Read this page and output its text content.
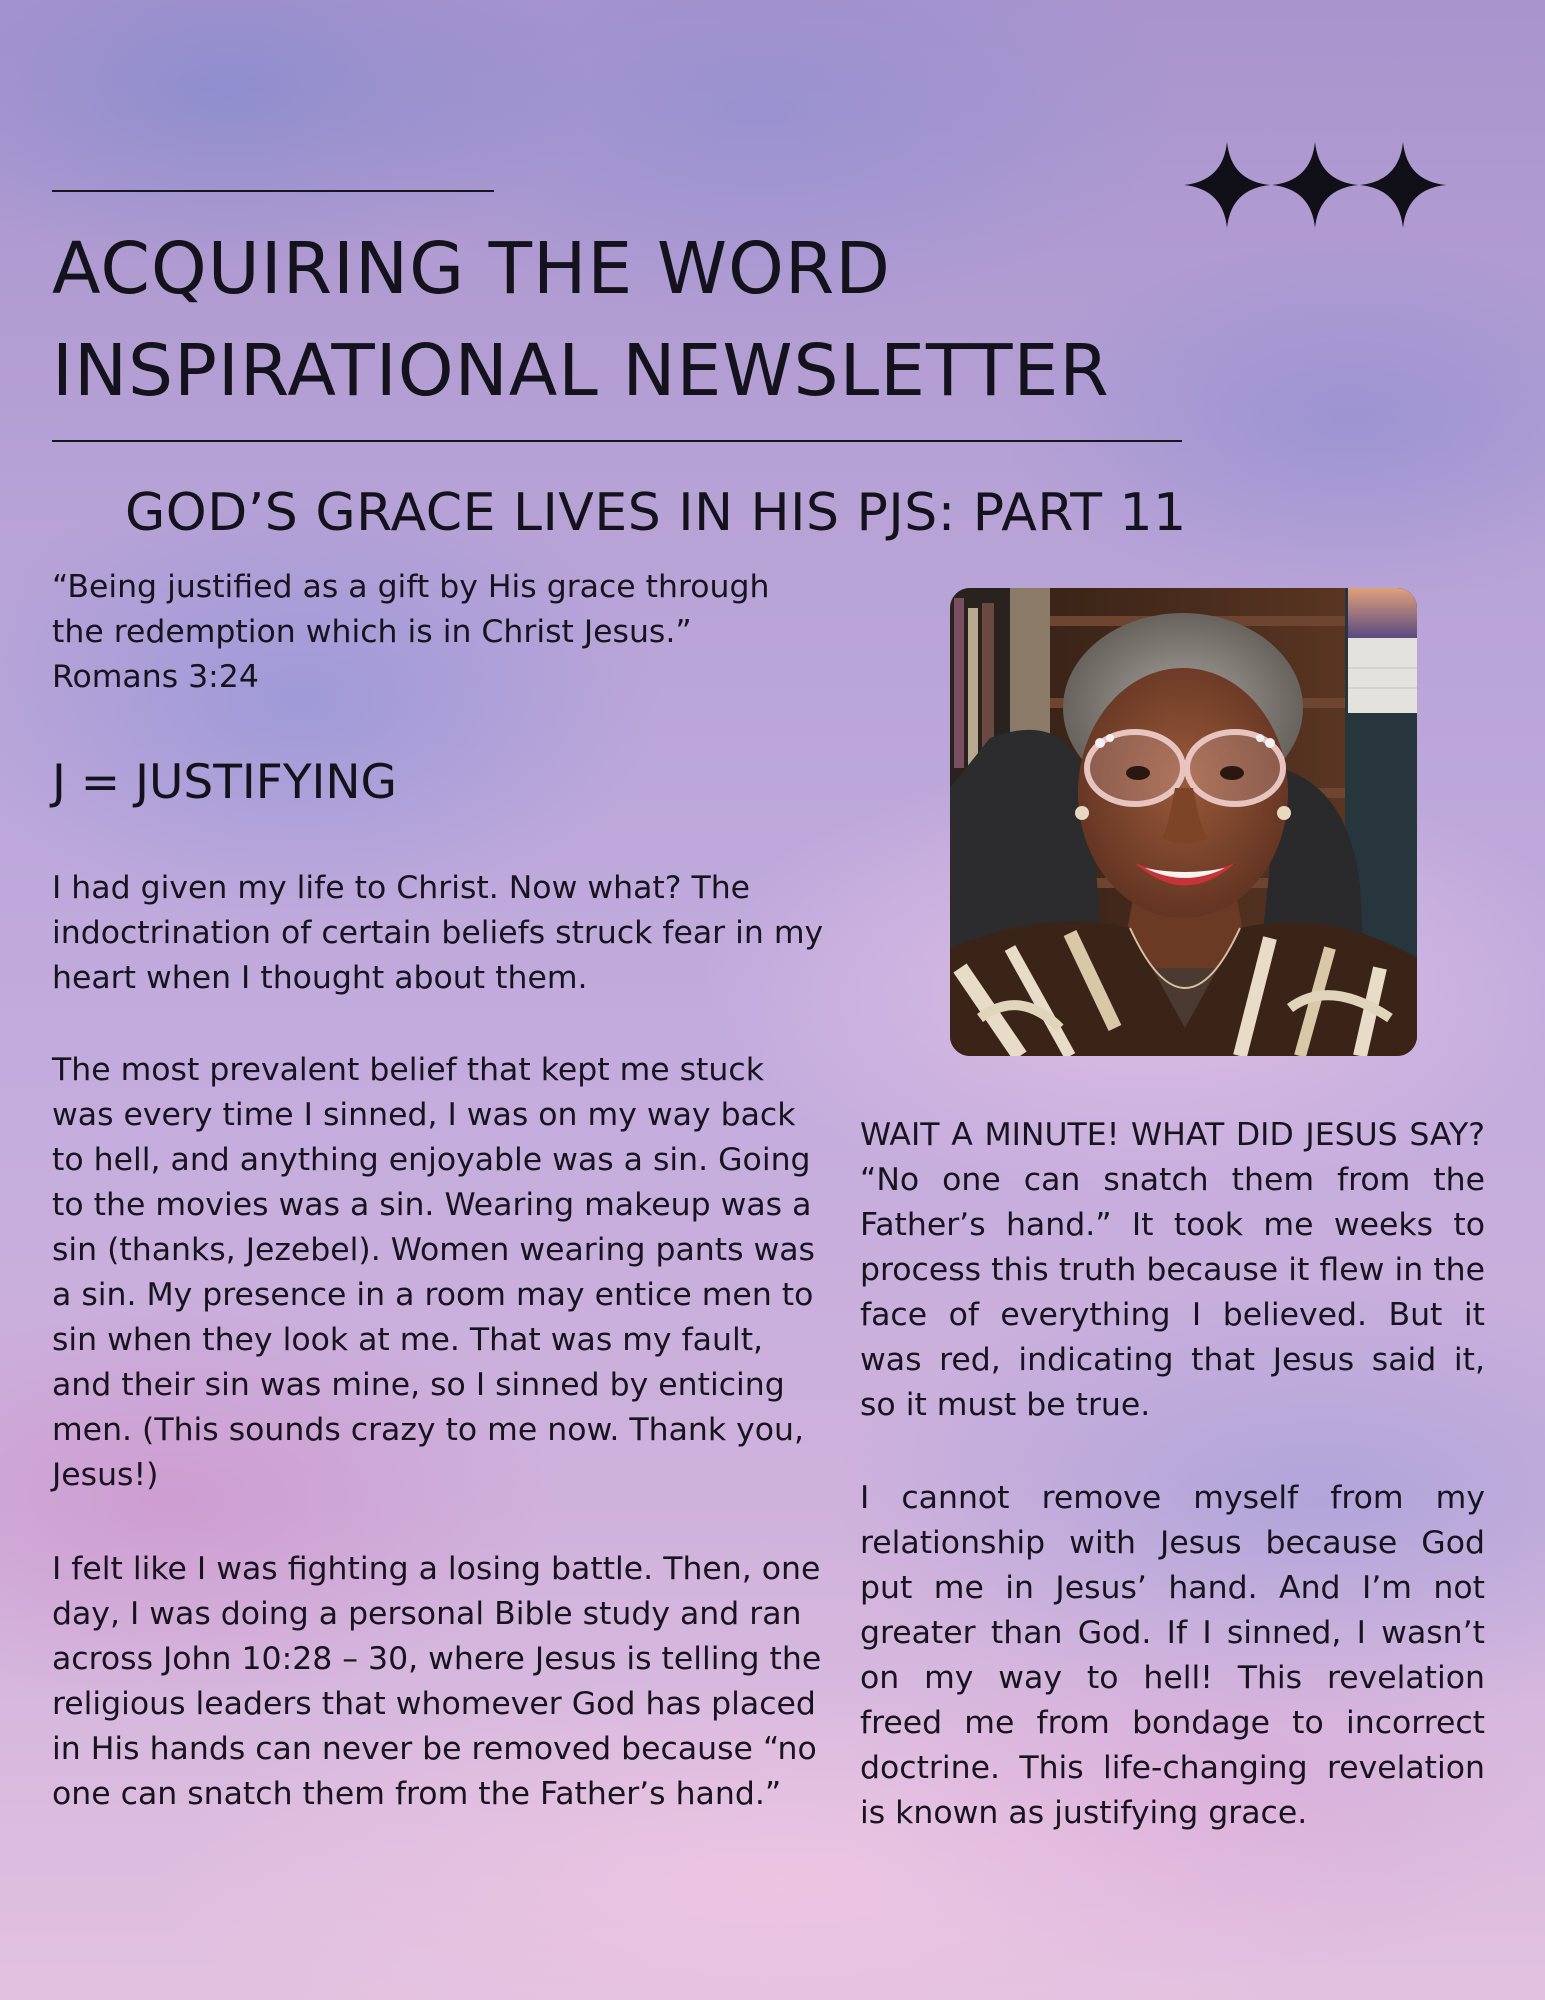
ACQUIRING THE WORD
INSPIRATIONAL NEWSLETTER
GOD’S GRACE LIVES IN HIS PJS: PART 11

“Being justified as a gift by His grace through
the redemption which is in Christ Jesus.”
Romans 3:24

J = JUSTIFYING

I had given my life to Christ. Now what? The indoctrination of certain beliefs struck fear in my heart when I thought about them.

The most prevalent belief that kept me stuck was every time I sinned, I was on my way back to hell, and anything enjoyable was a sin. Going to the movies was a sin. Wearing makeup was a sin (thanks, Jezebel). Women wearing pants was a sin. My presence in a room may entice men to sin when they look at me. That was my fault, and their sin was mine, so I sinned by enticing men. (This sounds crazy to me now. Thank you, Jesus!)

I felt like I was fighting a losing battle. Then, one day, I was doing a personal Bible study and ran across John 10:28 – 30, where Jesus is telling the religious leaders that whomever God has placed in His hands can never be removed because “no one can snatch them from the Father’s hand.”

WAIT A MINUTE! WHAT DID JESUS SAY? “No one can snatch them from the Father’s hand.” It took me weeks to process this truth because it flew in the face of everything I believed. But it was red, indicating that Jesus said it, so it must be true.

I cannot remove myself from my relationship with Jesus because God put me in Jesus’ hand. And I’m not greater than God. If I sinned, I wasn’t on my way to hell! This revelation freed me from bondage to incorrect doctrine. This life-changing revelation is known as justifying grace.
